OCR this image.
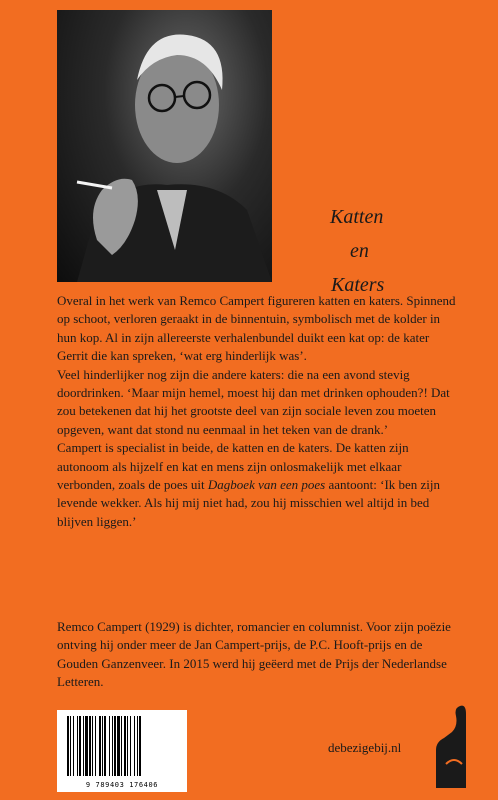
Katten
en
Katers

Overal in het werk van Remco Campert figureren katten en katers. Spinnend op schoot, verloren geraakt in de binnentuin, symbolisch met de kolder in hun kop. Al in zijn allereerste verhalenbundel duikt een kat op: de kater Gerrit die kan spreken, ‘wat erg hinderlijk was’.

Veel hinderlijker nog zijn die andere katers: die na een avond stevig doordrinken. ‘Maar mijn hemel, moest hij dan met drinken ophouden?! Dat zou betekenen dat hij het grootste deel van zijn sociale leven zou moeten opgeven, want dat stond nu eenmaal in het teken van de drank.’

Campert is specialist in beide, de katten en de katers. De katten zijn autonoom als hijzelf en kat en mens zijn onlosmakelijk met elkaar verbonden, zoals de poes uit Dagboek van een poes aantoont: ‘Ik ben zijn levende wekker. Als hij mij niet had, zou hij misschien wel altijd in bed blijven liggen.’

Remco Campert (1929) is dichter, romancier en columnist. Voor zijn poëzie ontving hij onder meer de Jan Campert-prijs, de P.C. Hooft-prijs en de Gouden Ganzenveer. In 2015 werd hij geëerd met de Prijs der Nederlandse Letteren.
9 789403 176406
debezigebij.nl
